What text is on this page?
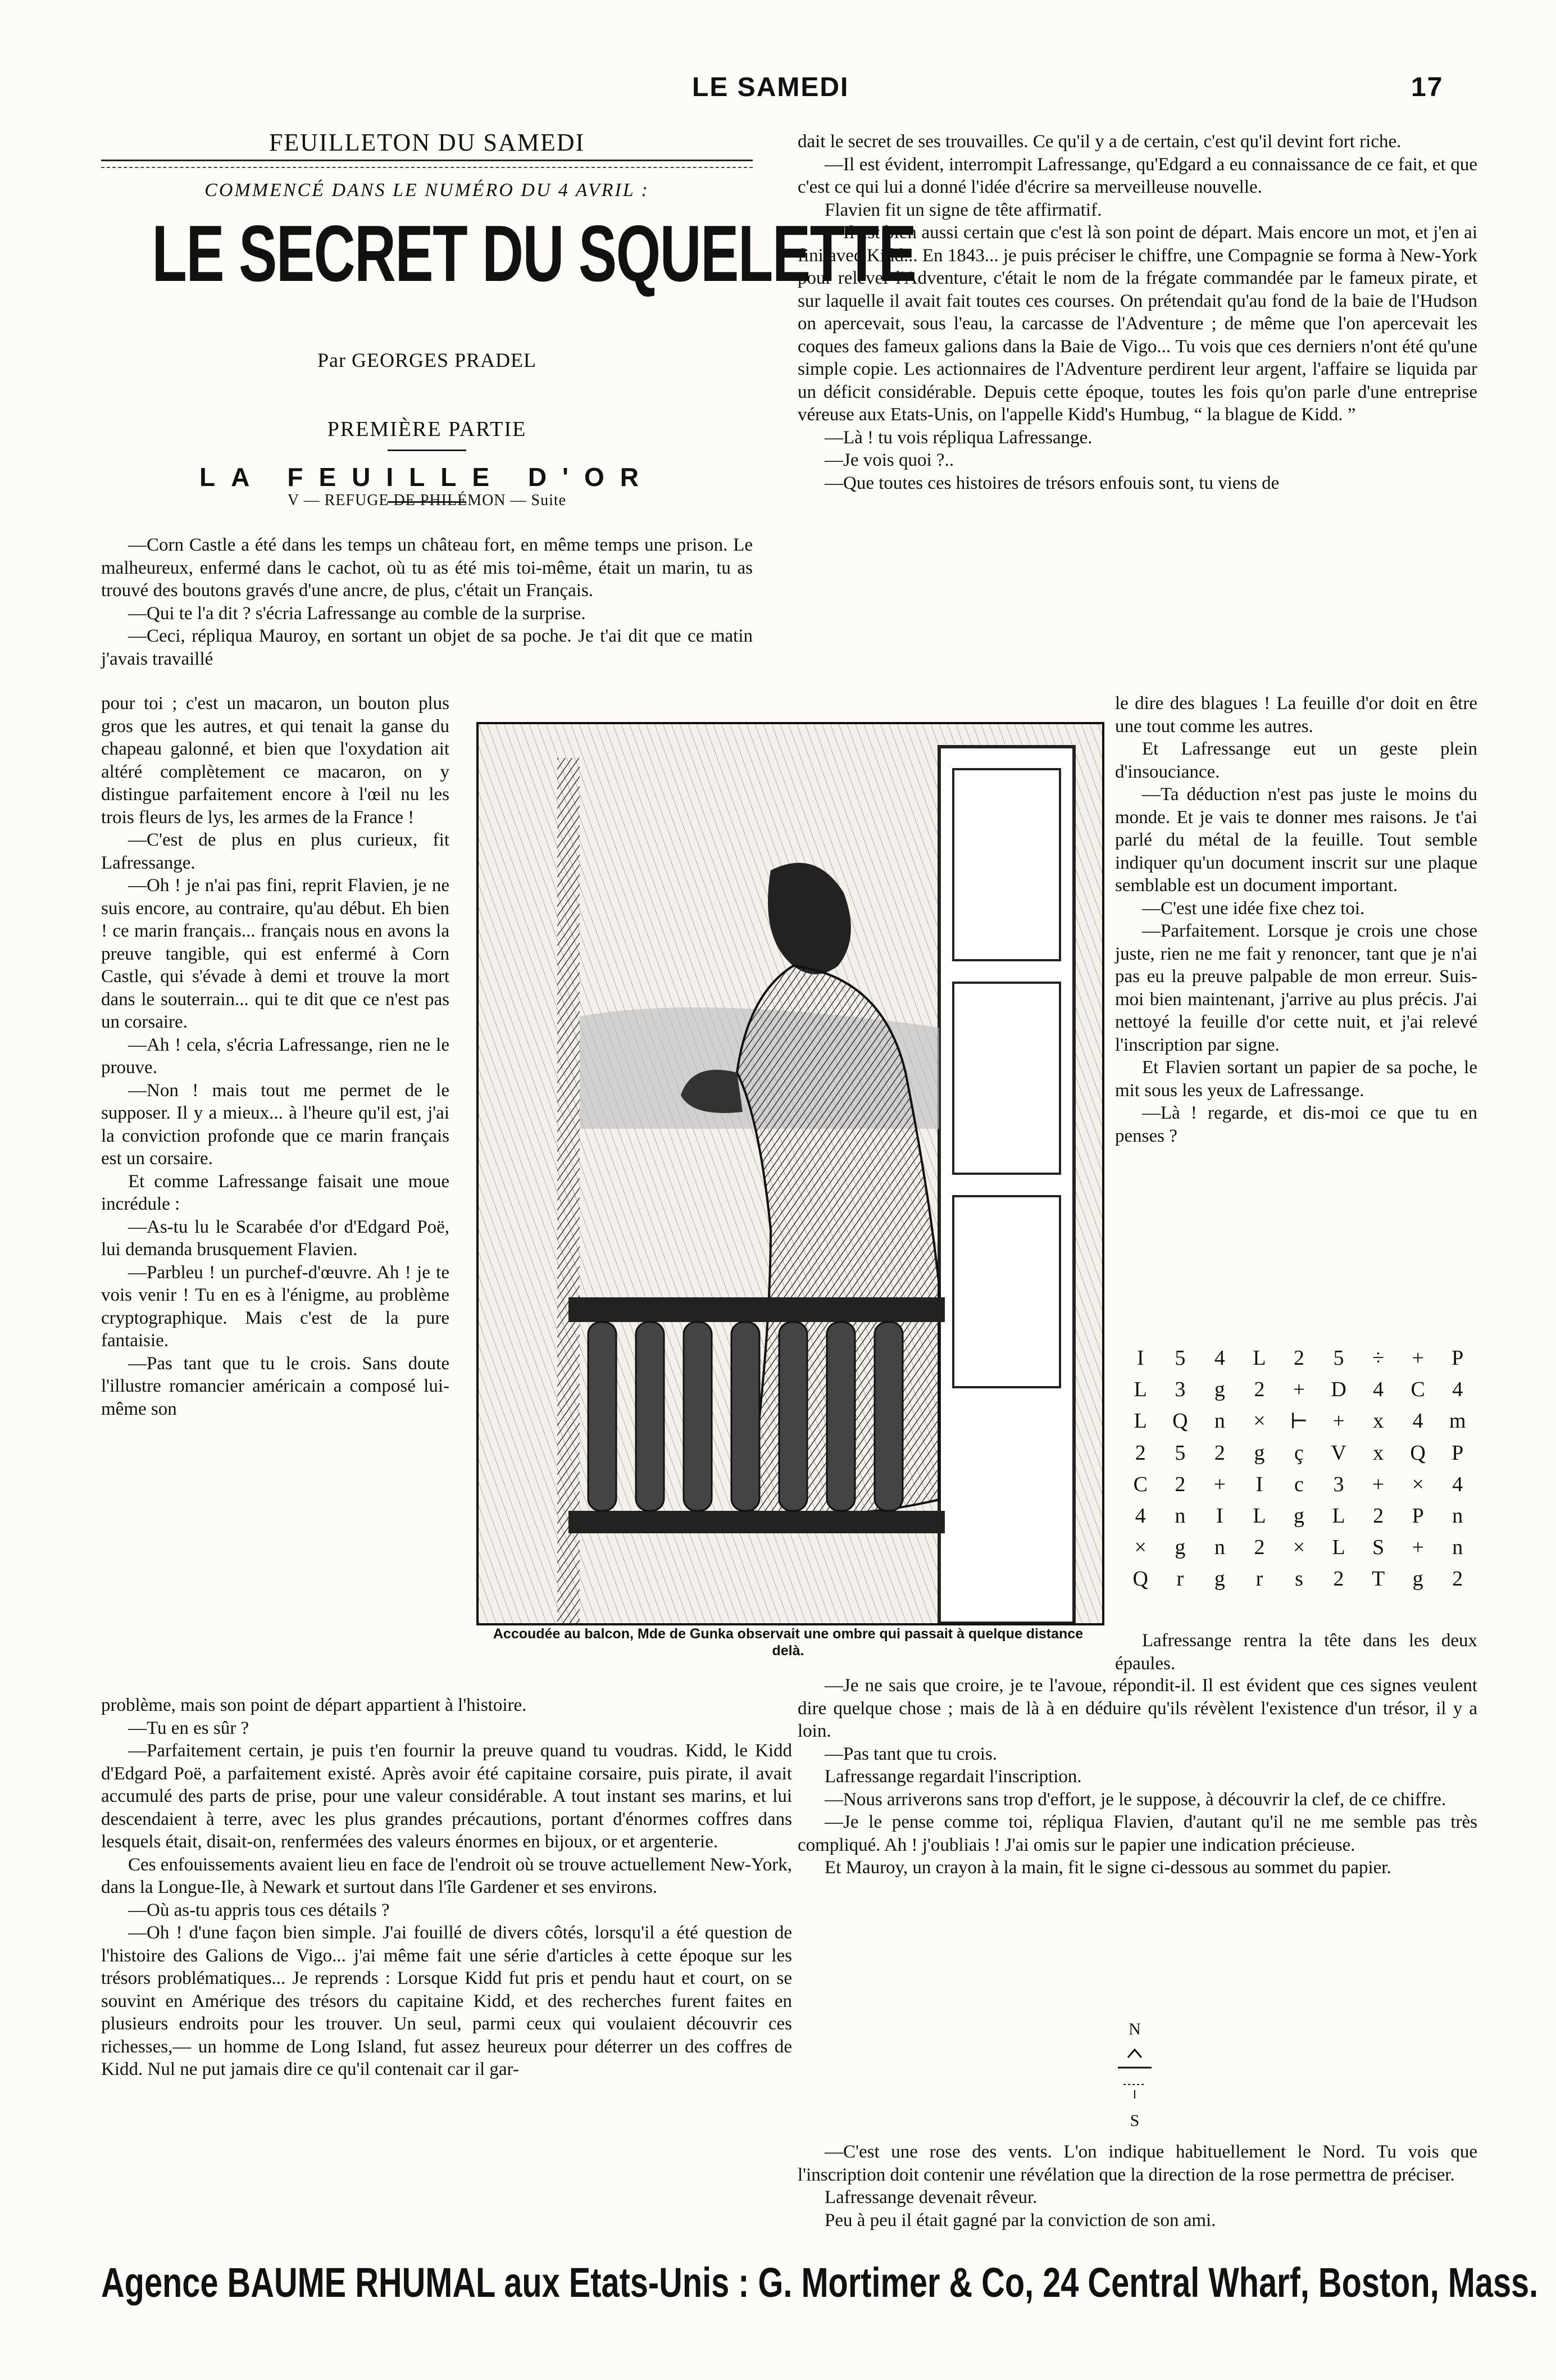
LE SAMEDI	17
FEUILLETON DU SAMEDI
COMMENCÉ DANS LE NUMÉRO DU 4 AVRIL :
LE SECRET DU SQUELETTE
Par GEORGES PRADEL
PREMIÈRE PARTIE
LA FEUILLE D'OR
V — REFUGE DE PHILÉMON — Suite

—Corn Castle a été dans les temps un château fort, en même temps une prison. Le malheureux, enfermé dans le cachot, où tu as été mis toi-même, était un marin, tu as trouvé des boutons gravés d'une ancre, de plus, c'était un Français.

—Qui te l'a dit ? s'écria Lafressange au comble de la surprise.

—Ceci, répliqua Mauroy, en sortant un objet de sa poche. Je t'ai dit que ce matin j'avais travaillé

pour toi ; c'est un macaron, un bouton plus gros que les autres, et qui tenait la ganse du chapeau galonné, et bien que l'oxydation ait altéré complètement ce macaron, on y distingue parfaitement encore à l'œil nu les trois fleurs de lys, les armes de la France !

—C'est de plus en plus curieux, fit Lafressange.

—Oh ! je n'ai pas fini, reprit Flavien, je ne suis encore, au contraire, qu'au début. Eh bien ! ce marin français... français nous en avons la preuve tangible, qui est enfermé à Corn Castle, qui s'évade à demi et trouve la mort dans le souterrain... qui te dit que ce n'est pas un corsaire.

—Ah ! cela, s'écria Lafressange, rien ne le prouve.

—Non ! mais tout me permet de le supposer. Il y a mieux... à l'heure qu'il est, j'ai la conviction profonde que ce marin français est un corsaire.

Et comme Lafressange faisait une moue incrédule :

—As-tu lu le Scarabée d'or d'Edgard Poë, lui demanda brusquement Flavien.

—Parbleu ! un purchef-d'œuvre. Ah ! je te vois venir ! Tu en es à l'énigme, au problème cryptographique. Mais c'est de la pure fantaisie.

—Pas tant que tu le crois. Sans doute l'illustre romancier américain a composé lui-même son

problème, mais son point de départ appartient à l'histoire.

—Tu en es sûr ?

—Parfaitement certain, je puis t'en fournir la preuve quand tu voudras. Kidd, le Kidd d'Edgard Poë, a parfaitement existé. Après avoir été capitaine corsaire, puis pirate, il avait accumulé des parts de prise, pour une valeur considérable. A tout instant ses marins, et lui descendaient à terre, avec les plus grandes précautions, portant d'énormes coffres dans lesquels était, disait-on, renfermées des valeurs énormes en bijoux, or et argenterie.

Ces enfouissements avaient lieu en face de l'endroit où se trouve actuellement New-York, dans la Longue-Ile, à Newark et surtout dans l'île Gardener et ses environs.

—Où as-tu appris tous ces détails ?

—Oh ! d'une façon bien simple. J'ai fouillé de divers côtés, lorsqu'il a été question de l'histoire des Galions de Vigo... j'ai même fait une série d'articles à cette époque sur les trésors problématiques... Je reprends : Lorsque Kidd fut pris et pendu haut et court, on se souvint en Amérique des trésors du capitaine Kidd, et des recherches furent faites en plusieurs endroits pour les trouver. Un seul, parmi ceux qui voulaient découvrir ces richesses,— un homme de Long Island, fut assez heureux pour déterrer un des coffres de Kidd. Nul ne put jamais dire ce qu'il contenait car il gar-

Accoudée au balcon, Mde de Gunka observait une ombre qui passait à quelque distance delà.

dait le secret de ses trouvailles. Ce qu'il y a de certain, c'est qu'il devint fort riche.

—Il est évident, interrompit Lafressange, qu'Edgard a eu connaissance de ce fait, et que c'est ce qui lui a donné l'idée d'écrire sa merveilleuse nouvelle.

Flavien fit un signe de tête affirmatif.

—Il est bien aussi certain que c'est là son point de départ. Mais encore un mot, et j'en ai fini avec Kidd... En 1843... je puis préciser le chiffre, une Compagnie se forma à New-York pour relever l'Adventure, c'était le nom de la frégate commandée par le fameux pirate, et sur laquelle il avait fait toutes ces courses. On prétendait qu'au fond de la baie de l'Hudson on apercevait, sous l'eau, la carcasse de l'Adventure ; de même que l'on apercevait les coques des fameux galions dans la Baie de Vigo... Tu vois que ces derniers n'ont été qu'une simple copie. Les actionnaires de l'Adventure perdirent leur argent, l'affaire se liquida par un déficit considérable. Depuis cette époque, toutes les fois qu'on parle d'une entreprise véreuse aux Etats-Unis, on l'appelle Kidd's Humbug, “ la blague de Kidd. ”

—Là ! tu vois répliqua Lafressange.

—Je vois quoi ?..

—Que toutes ces histoires de trésors enfouis sont, tu viens de

le dire des blagues ! La feuille d'or doit en être une tout comme les autres.

Et Lafressange eut un geste plein d'insouciance.

—Ta déduction n'est pas juste le moins du monde. Et je vais te donner mes raisons. Je t'ai parlé du métal de la feuille. Tout semble indiquer qu'un document inscrit sur une plaque semblable est un document important.

—C'est une idée fixe chez toi.

—Parfaitement. Lorsque je crois une chose juste, rien ne me fait y renoncer, tant que je n'ai pas eu la preuve palpable de mon erreur. Suis-moi bien maintenant, j'arrive au plus précis. J'ai nettoyé la feuille d'or cette nuit, et j'ai relevé l'inscription par signe.

Et Flavien sortant un papier de sa poche, le mit sous les yeux de Lafressange.

—Là ! regarde, et dis-moi ce que tu en penses ?

I	5	4	L	2	5	÷	+	P
L	3	g	2	+	D	4	C	4
L	Q	n	×	⊢	+	x	4	m
2	5	2	g	ç	V	x	Q	P
C	2	+	I	c	3	+	×	4
4	n	I	L	g	L	2	P	n
×	g	n	2	×	L	S	+	n
Q	r	g	r	s	2	T	g	2

Lafressange rentra la tête dans les deux épaules.

—Je ne sais que croire, je te l'avoue, répondit-il. Il est évident que ces signes veulent dire quelque chose ; mais de là à en déduire qu'ils révèlent l'existence d'un trésor, il y a loin.

—Pas tant que tu crois.

Lafressange regardait l'inscription.

—Nous arriverons sans trop d'effort, je le suppose, à découvrir la clef, de ce chiffre.

—Je le pense comme toi, répliqua Flavien, d'autant qu'il ne me semble pas très compliqué. Ah ! j'oubliais ! J'ai omis sur le papier une indication précieuse.

Et Mauroy, un crayon à la main, fit le signe ci-dessous au sommet du papier.

N
S

—C'est une rose des vents. L'on indique habituellement le Nord. Tu vois que l'inscription doit contenir une révélation que la direction de la rose permettra de préciser.

Lafressange devenait rêveur.

Peu à peu il était gagné par la conviction de son ami.

Agence BAUME RHUMAL aux Etats-Unis : G. Mortimer & Co, 24 Central Wharf, Boston, Mass.
